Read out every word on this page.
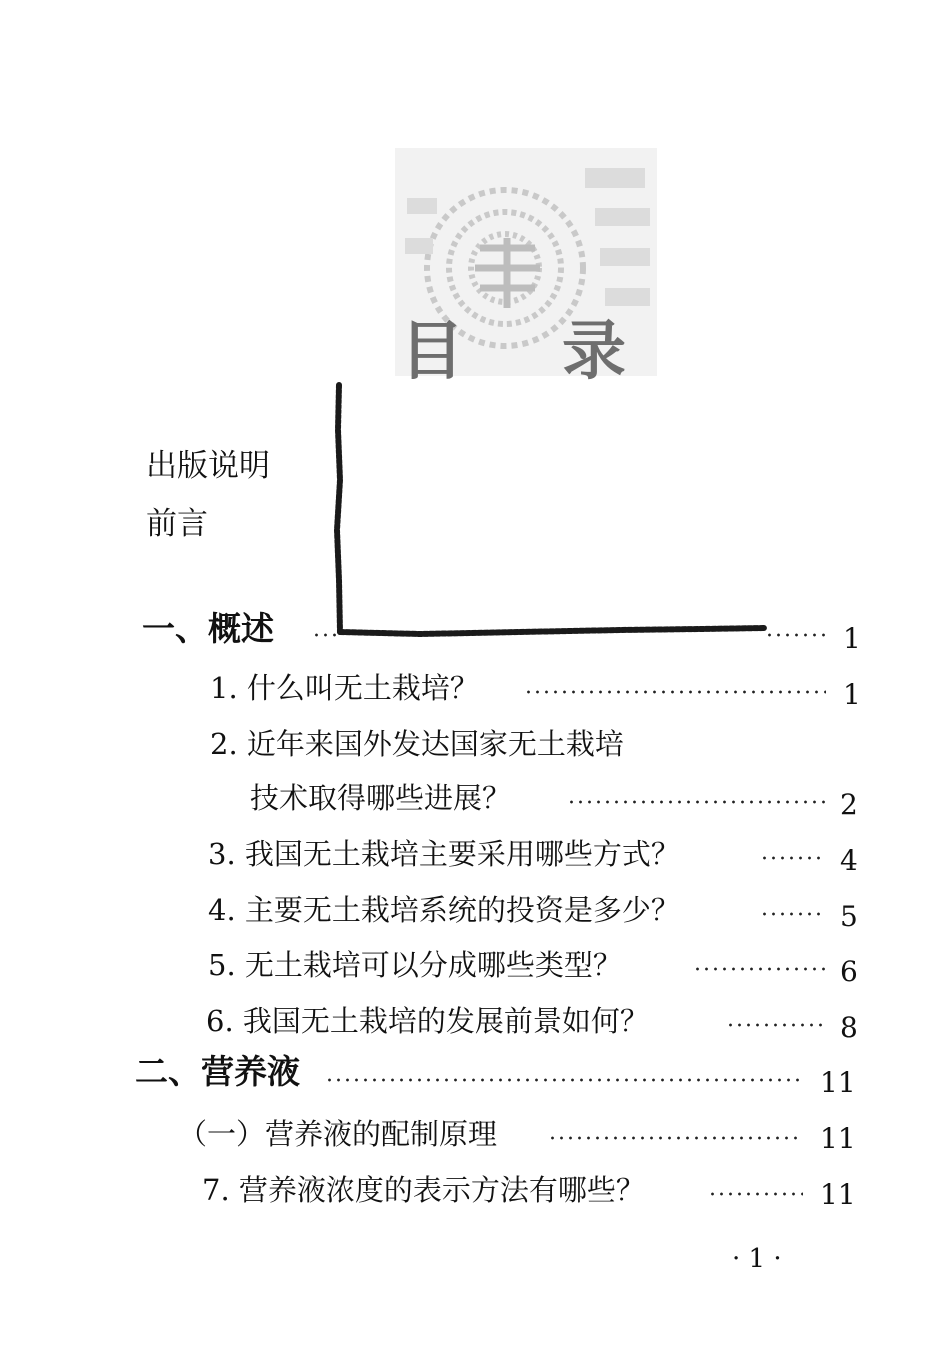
目 录
出版说明
前言
一、概述	1
1. 什么叫无土栽培？	1
2. 近年来国外发达国家无土栽培
技术取得哪些进展？	2
3. 我国无土栽培主要采用哪些方式？	4
4. 主要无土栽培系统的投资是多少？	5
5. 无土栽培可以分成哪些类型？	6
6. 我国无土栽培的发展前景如何？	8
二、营养液	11
（一）营养液的配制原理	11
7. 营养液浓度的表示方法有哪些？	11
· 1 ·
